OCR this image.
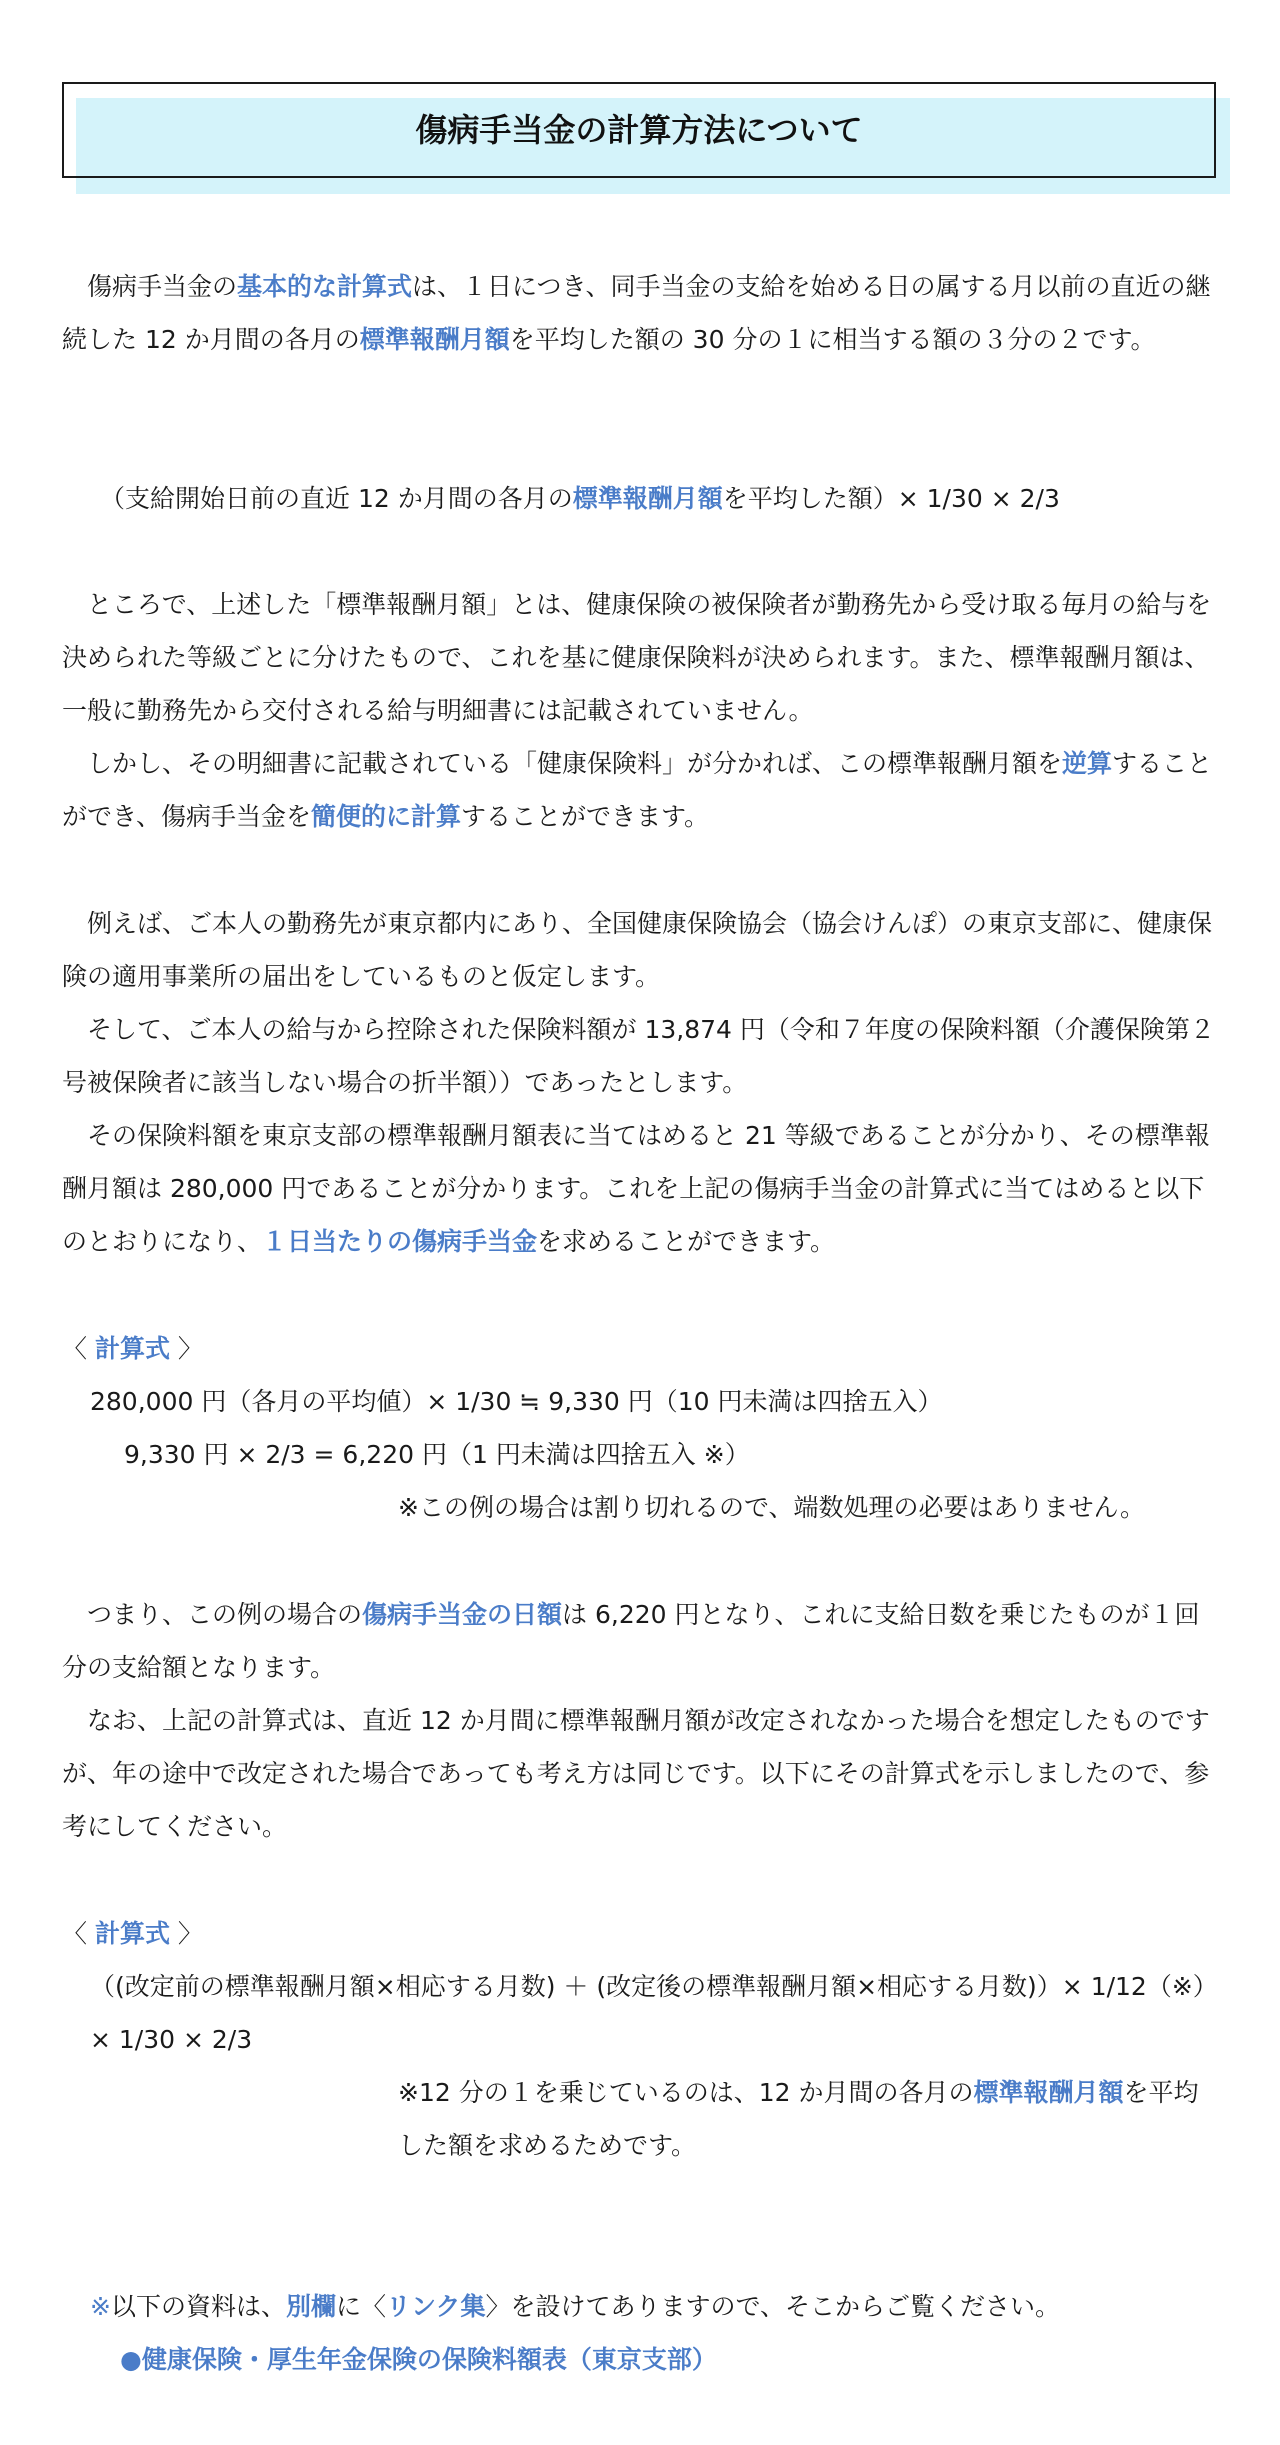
傷病手当金の計算方法について

傷病手当金の基本的な計算式は、１日につき、同手当金の支給を始める日の属する月以前の直近の継続した 12 か月間の各月の標準報酬月額を平均した額の 30 分の１に相当する額の３分の２です。

（支給開始日前の直近 12 か月間の各月の標準報酬月額を平均した額）× 1/30 × 2/3

ところで、上述した「標準報酬月額」とは、健康保険の被保険者が勤務先から受け取る毎月の給与を決められた等級ごとに分けたもので、これを基に健康保険料が決められます。また、標準報酬月額は、一般に勤務先から交付される給与明細書には記載されていません。

しかし、その明細書に記載されている「健康保険料」が分かれば、この標準報酬月額を逆算することができ、傷病手当金を簡便的に計算することができます。

例えば、ご本人の勤務先が東京都内にあり、全国健康保険協会（協会けんぽ）の東京支部に、健康保険の適用事業所の届出をしているものと仮定します。

そして、ご本人の給与から控除された保険料額が 13,874 円（令和７年度の保険料額（介護保険第２号被保険者に該当しない場合の折半額））であったとします。

その保険料額を東京支部の標準報酬月額表に当てはめると 21 等級であることが分かり、その標準報酬月額は 280,000 円であることが分かります。これを上記の傷病手当金の計算式に当てはめると以下のとおりになり、１日当たりの傷病手当金を求めることができます。

〈 計算式 〉

280,000 円（各月の平均値）× 1/30 ≒ 9,330 円（10 円未満は四捨五入）

9,330 円 × 2/3 = 6,220 円（1 円未満は四捨五入 ※）

※この例の場合は割り切れるので、端数処理の必要はありません。

つまり、この例の場合の傷病手当金の日額は 6,220 円となり、これに支給日数を乗じたものが１回分の支給額となります。

なお、上記の計算式は、直近 12 か月間に標準報酬月額が改定されなかった場合を想定したものですが、年の途中で改定された場合であっても考え方は同じです。以下にその計算式を示しましたので、参考にしてください。

〈 計算式 〉

（(改定前の標準報酬月額×相応する月数) ＋ (改定後の標準報酬月額×相応する月数)）× 1/12（※）× 1/30 × 2/3

※12 分の１を乗じているのは、12 か月間の各月の標準報酬月額を平均した額を求めるためです。

※以下の資料は、別欄に〈リンク集〉を設けてありますので、そこからご覧ください。

●健康保険・厚生年金保険の保険料額表（東京支部）
